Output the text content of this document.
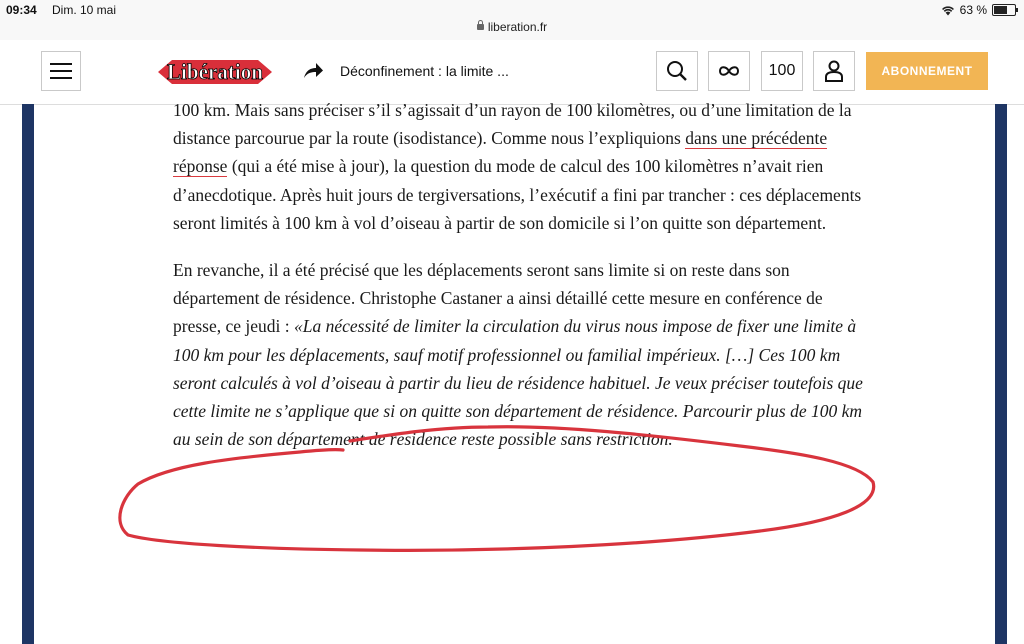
09:34 Dim. 10 mai	63 %
liberation.fr
Libération	Déconfinement : la limite ...	100	ABONNEMENT

100 km. Mais sans préciser s’il s’agissait d’un rayon de 100 kilomètres, ou d’une limitation de la distance parcourue par la route (isodistance). Comme nous l’expliquions dans une précédente réponse (qui a été mise à jour), la question du mode de calcul des 100 kilomètres n’avait rien d’anecdotique. Après huit jours de tergiversations, l’exécutif a fini par trancher : ces déplacements seront limités à 100 km à vol d’oiseau à partir de son domicile si l’on quitte son département.

En revanche, il a été précisé que les déplacements seront sans limite si on reste dans son département de résidence. Christophe Castaner a ainsi détaillé cette mesure en conférence de presse, ce jeudi : «La nécessité de limiter la circulation du virus nous impose de fixer une limite à 100 km pour les déplacements, sauf motif professionnel ou familial impérieux. […] Ces 100 km seront calculés à vol d’oiseau à partir du lieu de résidence habituel. Je veux préciser toutefois que cette limite ne s’applique que si on quitte son département de résidence. Parcourir plus de 100 km au sein de son département de résidence reste possible sans restriction.
